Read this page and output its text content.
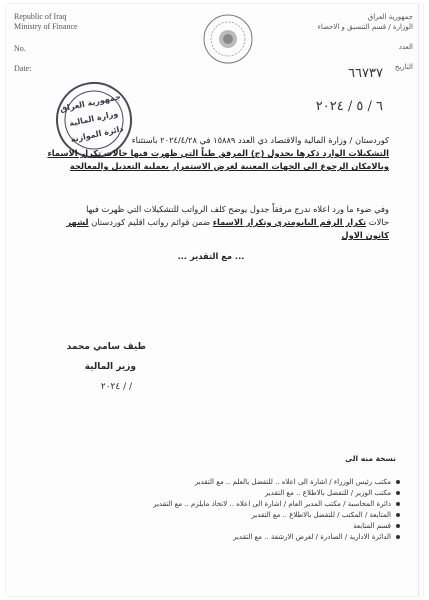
Republic of Iraq
Ministry of Finance
No.
Date:
جمهورية العراق
الوزارة / قسم التنسيق و الاحصاء
العدد
التاريخ
٦٦٧٣٧
٦ / ٥ / ٢٠٢٤
جمهورية العراق
وزارة المالية
دائرة الموازنة كوردستان / وزارة المالية والاقتصاد ذي العدد ١٥٨٨٩ في ٢٠٢٤/٤/٢٨ باستثناء
التشكيلات الوارد ذكرها بجدول (ج) المرفق طياً التي ظهرت فيها حالات تكرار الاسماء
وبالامكان الرجوع الى الجهات المعنية لغرض الاستمرار بعملية التعديل والمعالجة
وفي ضوء ما ورد اعلاه ندرج مرفقاً جدول يوضح كلف الرواتب للتشكيلات التي ظهرت فيها
حالات تكرار الرقم البايومتري وتكرار الاسماء ضمن قوائم رواتب اقليم كوردستان لشهر
كانون الاول
... مع التقدير ...
طيف سامي محمد
وزير المالية
/ / ٢٠٢٤
نسخة منه الى
مكتب رئيس الوزراء / اشارة الى اعلاه .. للتفضل بالعلم .. مع التقدير
مكتب الوزير / للتفضل بالاطلاع .. مع التقدير
دائرة المحاسبة / مكتب المدير العام / اشارة الى اعلاه .. لاتخاذ مايلزم .. مع التقدير
المتابعة / المكتب / للتفضل بالاطلاع .. مع التقدير
قسم المتابعة
الدائرة الادارية / الصادرة / لغرض الارشفة .. مع التقدير
